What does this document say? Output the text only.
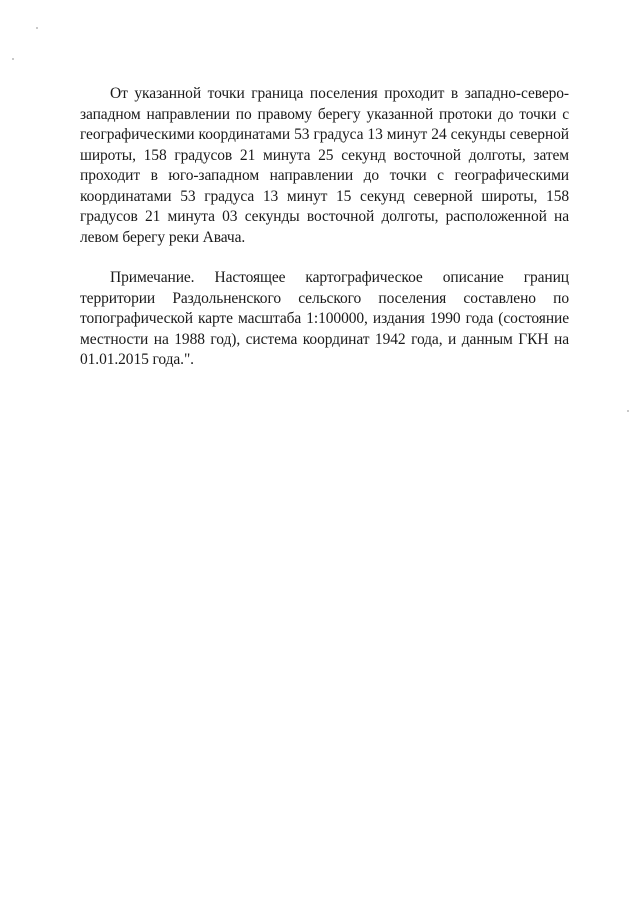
От указанной точки граница поселения проходит в западно-северо-западном направлении по правому берегу указанной протоки до точки с географическими координатами 53 градуса 13 минут 24 секунды северной широты, 158 градусов 21 минута 25 секунд восточной долготы, затем проходит в юго-западном направлении до точки с географическими координатами 53 градуса 13 минут 15 секунд северной широты, 158 градусов 21 минута 03 секунды восточной долготы, расположенной на левом берегу реки Авача.

Примечание. Настоящее картографическое описание границ территории Раздольненского сельского поселения составлено по топографической карте масштаба 1:100000, издания 1990 года (состояние местности на 1988 год), система координат 1942 года, и данным ГКН на 01.01.2015 года.".
